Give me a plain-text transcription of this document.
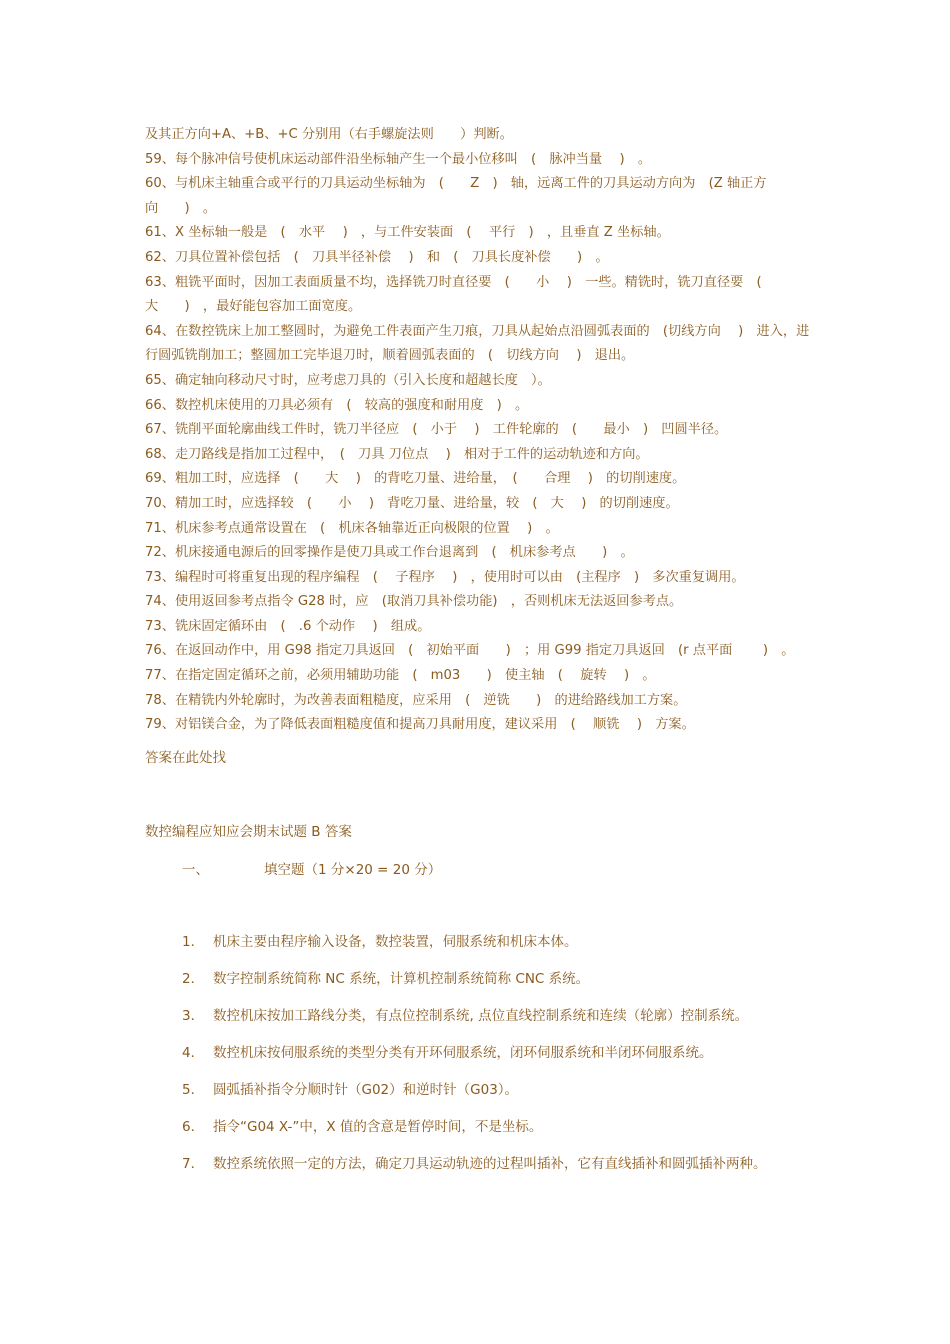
及其正方向+A、+B、+C 分别用（右手螺旋法则　　）判断。
59、每个脉冲信号使机床运动部件沿坐标轴产生一个最小位移叫　(　脉冲当量　 )　。
60、与机床主轴重合或平行的刀具运动坐标轴为　(　　Z　)　轴，远离工件的刀具运动方向为　(Z 轴正方向　　)　。
61、X 坐标轴一般是　(　水平　 )　，与工件安装面　(　 平行　)　，且垂直 Z 坐标轴。
62、刀具位置补偿包括　(　刀具半径补偿　 )　和　(　刀具长度补偿　　)　。
63、粗铣平面时，因加工表面质量不均，选择铣刀时直径要　(　　小　 )　一些。精铣时，铣刀直径要　(　大　　)　，最好能包容加工面宽度。
64、在数控铣床上加工整圆时，为避免工件表面产生刀痕，刀具从起始点沿圆弧表面的　(切线方向　 )　进入，进行圆弧铣削加工；整圆加工完毕退刀时，顺着圆弧表面的　(　切线方向　 )　退出。
65、确定轴向移动尺寸时，应考虑刀具的（引入长度和超越长度　）。
66、数控机床使用的刀具必须有　(　较高的强度和耐用度　)　。
67、铣削平面轮廓曲线工件时，铣刀半径应　(　小于　 )　工件轮廓的　(　　最小　)　凹圆半径。
68、走刀路线是指加工过程中，　(　刀具 刀位点　 )　相对于工件的运动轨迹和方向。
69、粗加工时，应选择　(　　大　 )　的背吃刀量、进给量，　(　　合理　 )　的切削速度。
70、精加工时，应选择较　(　　小　 )　背吃刀量、进给量，较　(　大　 )　的切削速度。
71、机床参考点通常设置在　(　机床各轴靠近正向极限的位置　 )　。
72、机床接通电源后的回零操作是使刀具或工作台退离到　(　机床参考点　　)　。
73、编程时可将重复出现的程序编程　(　 子程序　 )　，使用时可以由　(主程序　)　多次重复调用。
74、使用返回参考点指令 G28 时，应　(取消刀具补偿功能)　，否则机床无法返回参考点。
73、铣床固定循环由　(　.6 个动作　 )　组成。
76、在返回动作中，用 G98 指定刀具返回　(　初始平面　　)　；用 G99 指定刀具返回　(r 点平面　　 )　。
77、在指定固定循环之前，必须用辅助功能　(　m03　　)　使主轴　(　 旋转　 )　。
78、在精铣内外轮廓时，为改善表面粗糙度，应采用　(　逆铣　　)　的进给路线加工方案。
79、对铝镁合金，为了降低表面粗糙度值和提高刀具耐用度，建议采用　(　 顺铣　 )　方案。
答案在此处找
数控编程应知应会期末试题 B 答案
一、	填空题（1 分×20 = 20 分）
1． 机床主要由程序输入设备，数控装置，伺服系统和机床本体。
2． 数字控制系统简称 NC 系统，计算机控制系统简称 CNC 系统。
3． 数控机床按加工路线分类，有点位控制系统, 点位直线控制系统和连续（轮廓）控制系统。
4． 数控机床按伺服系统的类型分类有开环伺服系统，闭环伺服系统和半闭环伺服系统。
5． 圆弧插补指令分顺时针（G02）和逆时针（G03）。
6． 指令“G04 X-”中，X 值的含意是暂停时间，不是坐标。
7． 数控系统依照一定的方法，确定刀具运动轨迹的过程叫插补，它有直线插补和圆弧插补两种。
